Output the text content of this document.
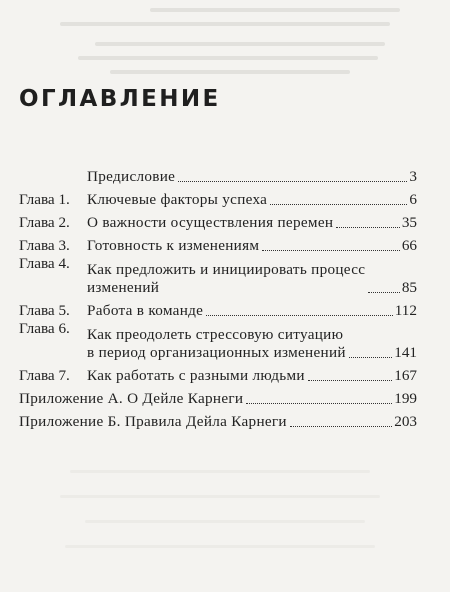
ОГЛАВЛЕНИЕ
Предисловие	3
Глава 1.	Ключевые факторы успеха	6
Глава 2.	О важности осуществления перемен	35
Глава 3.	Готовность к изменениям	66
Глава 4.	Как предложить и инициировать процесс
изменений	85
Глава 5.	Работа в команде	112
Глава 6.	Как преодолеть стрессовую ситуацию
в период организационных изменений	141
Глава 7.	Как работать с разными людьми	167
Приложение А. О Дейле Карнеги	199
Приложение Б. Правила Дейла Карнеги	203
